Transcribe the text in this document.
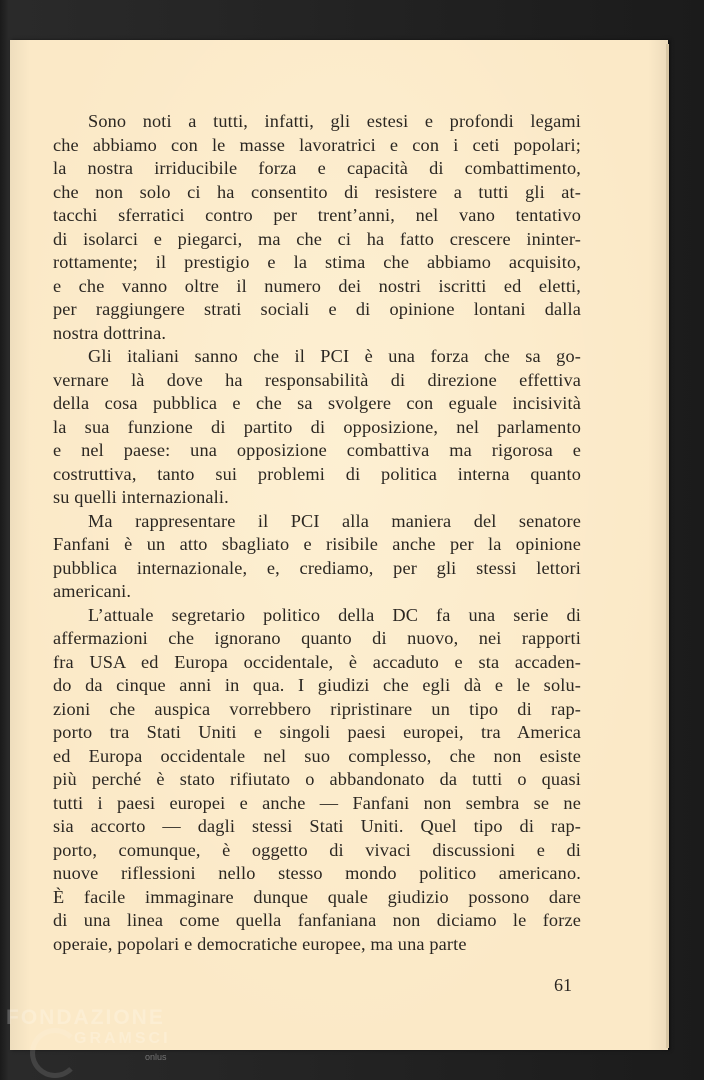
Sono noti a tutti, infatti, gli estesi e profondi legami
che abbiamo con le masse lavoratrici e con i ceti popolari;
la nostra irriducibile forza e capacità di combattimento,
che non solo ci ha consentito di resistere a tutti gli at-
tacchi sferratici contro per trent’anni, nel vano tentativo
di isolarci e piegarci, ma che ci ha fatto crescere ininter-
rottamente; il prestigio e la stima che abbiamo acquisito,
e che vanno oltre il numero dei nostri iscritti ed eletti,
per raggiungere strati sociali e di opinione lontani dalla
nostra dottrina.
Gli italiani sanno che il PCI è una forza che sa go-
vernare là dove ha responsabilità di direzione effettiva
della cosa pubblica e che sa svolgere con eguale incisività
la sua funzione di partito di opposizione, nel parlamento
e nel paese: una opposizione combattiva ma rigorosa e
costruttiva, tanto sui problemi di politica interna quanto
su quelli internazionali.
Ma rappresentare il PCI alla maniera del senatore
Fanfani è un atto sbagliato e risibile anche per la opinione
pubblica internazionale, e, crediamo, per gli stessi lettori
americani.
L’attuale segretario politico della DC fa una serie di
affermazioni che ignorano quanto di nuovo, nei rapporti
fra USA ed Europa occidentale, è accaduto e sta accaden-
do da cinque anni in qua. I giudizi che egli dà e le solu-
zioni che auspica vorrebbero ripristinare un tipo di rap-
porto tra Stati Uniti e singoli paesi europei, tra America
ed Europa occidentale nel suo complesso, che non esiste
più perché è stato rifiutato o abbandonato da tutti o quasi
tutti i paesi europei e anche — Fanfani non sembra se ne
sia accorto — dagli stessi Stati Uniti. Quel tipo di rap-
porto, comunque, è oggetto di vivaci discussioni e di
nuove riflessioni nello stesso mondo politico americano.
È facile immaginare dunque quale giudizio possono dare
di una linea come quella fanfaniana non diciamo le forze
operaie, popolari e democratiche europee, ma una parte
61
FONDAZIONE
GRAMSCI
onlus
